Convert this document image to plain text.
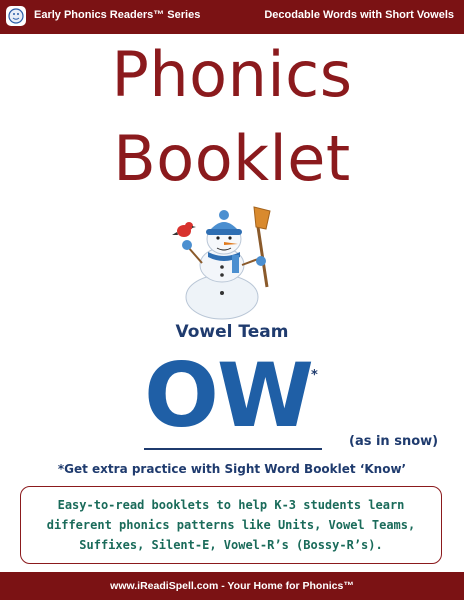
Early Phonics Readers™ Series	Decodable Words with Short Vowels
Phonics
Booklet
Vowel Team
OW *
(as in snow)
*Get extra practice with Sight Word Booklet ‘Know’
Easy-to-read booklets to help K-3 students learn different phonics patterns like Units, Vowel Teams, Suffixes, Silent-E, Vowel-R’s (Bossy-R’s).
www.iReadiSpell.com - Your Home for Phonics™
